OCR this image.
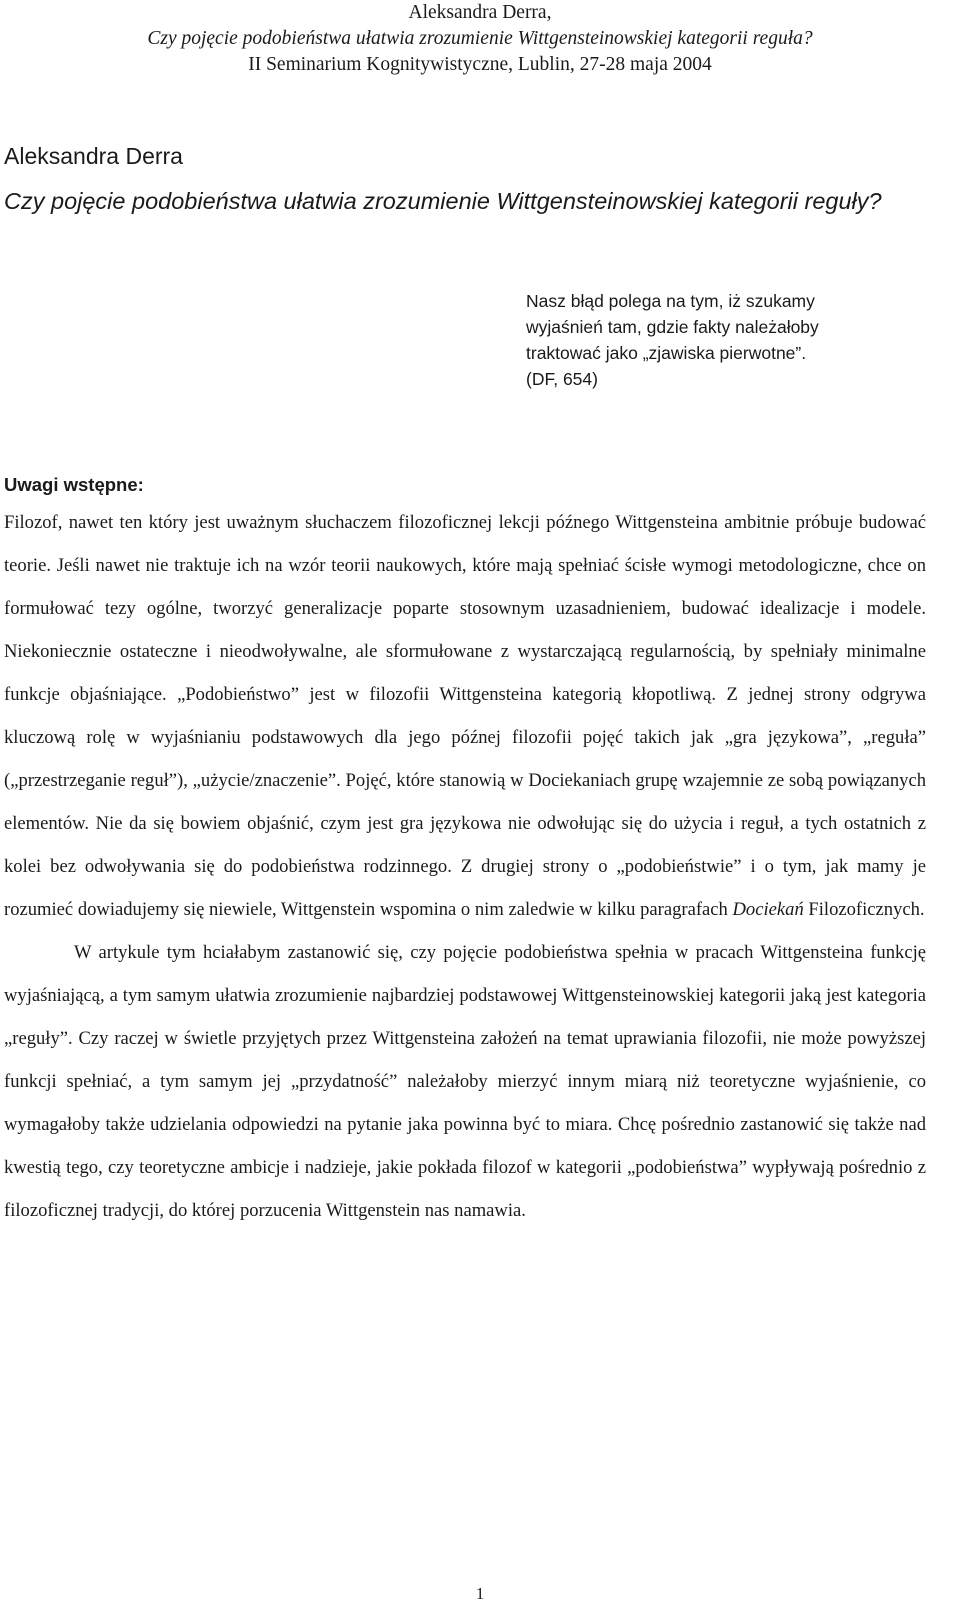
Aleksandra Derra,
Czy pojęcie podobieństwa ułatwia zrozumienie Wittgensteinowskiej kategorii reguła?
II Seminarium Kognitywistyczne, Lublin, 27-28 maja 2004
Aleksandra Derra
Czy pojęcie podobieństwa ułatwia zrozumienie Wittgensteinowskiej kategorii reguły?

Nasz błąd polega na tym, iż szukamy wyjaśnień tam, gdzie fakty należałoby traktować jako „zjawiska pierwotne”.

(DF, 654)

Uwagi wstępne:

Filozof, nawet ten który jest uważnym słuchaczem filozoficznej lekcji późnego Wittgensteina ambitnie próbuje budować teorie. Jeśli nawet nie traktuje ich na wzór teorii naukowych, które mają spełniać ścisłe wymogi metodologiczne, chce on formułować tezy ogólne, tworzyć generalizacje poparte stosownym uzasadnieniem, budować idealizacje i modele. Niekoniecznie ostateczne i nieodwoływalne, ale sformułowane z wystarczającą regularnością, by spełniały minimalne funkcje objaśniające. „Podobieństwo” jest w filozofii Wittgensteina kategorią kłopotliwą. Z jednej strony odgrywa kluczową rolę w wyjaśnianiu podstawowych dla jego późnej filozofii pojęć takich jak „gra językowa”, „reguła” („przestrzeganie reguł”), „użycie/znaczenie”. Pojęć, które stanowią w Dociekaniach grupę wzajemnie ze sobą powiązanych elementów. Nie da się bowiem objaśnić, czym jest gra językowa nie odwołując się do użycia i reguł, a tych ostatnich z kolei bez odwoływania się do podobieństwa rodzinnego. Z drugiej strony o „podobieństwie” i o tym, jak mamy je rozumieć dowiadujemy się niewiele, Wittgenstein wspomina o nim zaledwie w kilku paragrafach Dociekań Filozoficznych.

W artykule tym hciałabym zastanowić się, czy pojęcie podobieństwa spełnia w pracach Wittgensteina funkcję wyjaśniającą, a tym samym ułatwia zrozumienie najbardziej podstawowej Wittgensteinowskiej kategorii jaką jest kategoria „reguły”. Czy raczej w świetle przyjętych przez Wittgensteina założeń na temat uprawiania filozofii, nie może powyższej funkcji spełniać, a tym samym jej „przydatność” należałoby mierzyć innym miarą niż teoretyczne wyjaśnienie, co wymagałoby także udzielania odpowiedzi na pytanie jaka powinna być to miara. Chcę pośrednio zastanowić się także nad kwestią tego, czy teoretyczne ambicje i nadzieje, jakie pokłada filozof w kategorii „podobieństwa” wypływają pośrednio z filozoficznej tradycji, do której porzucenia Wittgenstein nas namawia.

1
